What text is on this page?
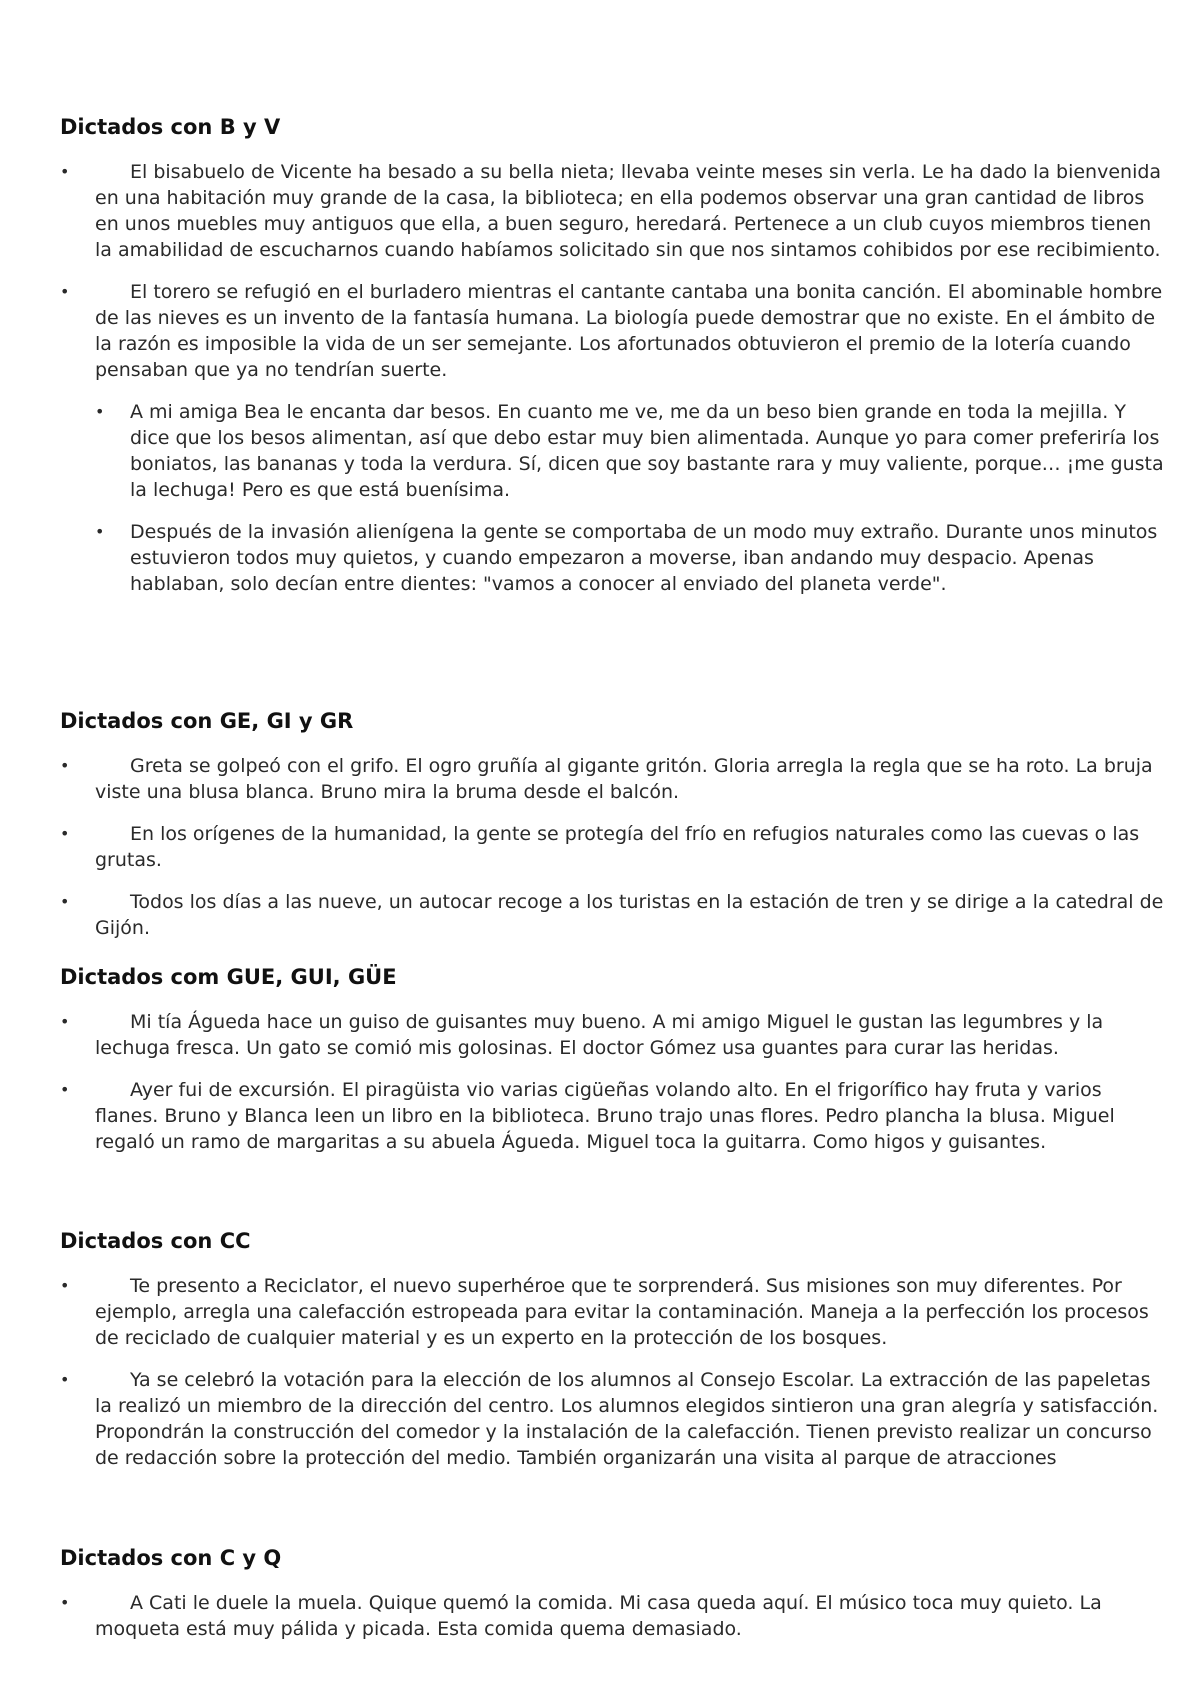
Dictados con B y V
•	El bisabuelo de Vicente ha besado a su bella nieta; llevaba veinte meses sin verla. Le ha dado la bienvenida en una habitación muy grande de la casa, la biblioteca; en ella podemos observar una gran cantidad de libros en unos muebles muy antiguos que ella, a buen seguro, heredará. Pertenece a un club cuyos miembros tienen la amabilidad de escucharnos cuando habíamos solicitado sin que nos sintamos cohibidos por ese recibimiento.
•	El torero se refugió en el burladero mientras el cantante cantaba una bonita canción. El abominable hombre de las nieves es un invento de la fantasía humana. La biología puede demostrar que no existe. En el ámbito de la razón es imposible la vida de un ser semejante. Los afortunados obtuvieron el premio de la lotería cuando pensaban que ya no tendrían suerte.
• A mi amiga Bea le encanta dar besos. En cuanto me ve, me da un beso bien grande en toda la mejilla. Y dice que los besos alimentan, así que debo estar muy bien alimentada. Aunque yo para comer preferiría los boniatos, las bananas y toda la verdura. Sí, dicen que soy bastante rara y muy valiente, porque… ¡me gusta la lechuga! Pero es que está buenísima.
• Después de la invasión alienígena la gente se comportaba de un modo muy extraño. Durante unos minutos estuvieron todos muy quietos, y cuando empezaron a moverse, iban andando muy despacio. Apenas hablaban, solo decían entre dientes: "vamos a conocer al enviado del planeta verde".
Dictados con GE, GI y GR
•	Greta se golpeó con el grifo. El ogro gruñía al gigante gritón. Gloria arregla la regla que se ha roto. La bruja viste una blusa blanca. Bruno mira la bruma desde el balcón.
•	En los orígenes de la humanidad, la gente se protegía del frío en refugios naturales como las cuevas o las grutas.
•	Todos los días a las nueve, un autocar recoge a los turistas en la estación de tren y se dirige a la catedral de Gijón.
Dictados com GUE, GUI, GÜE
•	Mi tía Águeda hace un guiso de guisantes muy bueno. A mi amigo Miguel le gustan las legumbres y la lechuga fresca. Un gato se comió mis golosinas. El doctor Gómez usa guantes para curar las heridas.
•	Ayer fui de excursión. El piragüista vio varias cigüeñas volando alto. En el frigorífico hay fruta y varios flanes. Bruno y Blanca leen un libro en la biblioteca. Bruno trajo unas flores. Pedro plancha la blusa. Miguel regaló un ramo de margaritas a su abuela Águeda. Miguel toca la guitarra. Como higos y guisantes.
Dictados con CC
•	Te presento a Reciclator, el nuevo superhéroe que te sorprenderá. Sus misiones son muy diferentes. Por ejemplo, arregla una calefacción estropeada para evitar la contaminación. Maneja a la perfección los procesos de reciclado de cualquier material y es un experto en la protección de los bosques.
•	Ya se celebró la votación para la elección de los alumnos al Consejo Escolar. La extracción de las papeletas la realizó un miembro de la dirección del centro. Los alumnos elegidos sintieron una gran alegría y satisfacción. Propondrán la construcción del comedor y la instalación de la calefacción. Tienen previsto realizar un concurso de redacción sobre la protección del medio. También organizarán una visita al parque de atracciones
Dictados con C y Q
•	A Cati le duele la muela. Quique quemó la comida. Mi casa queda aquí. El músico toca muy quieto. La moqueta está muy pálida y picada. Esta comida quema demasiado.
